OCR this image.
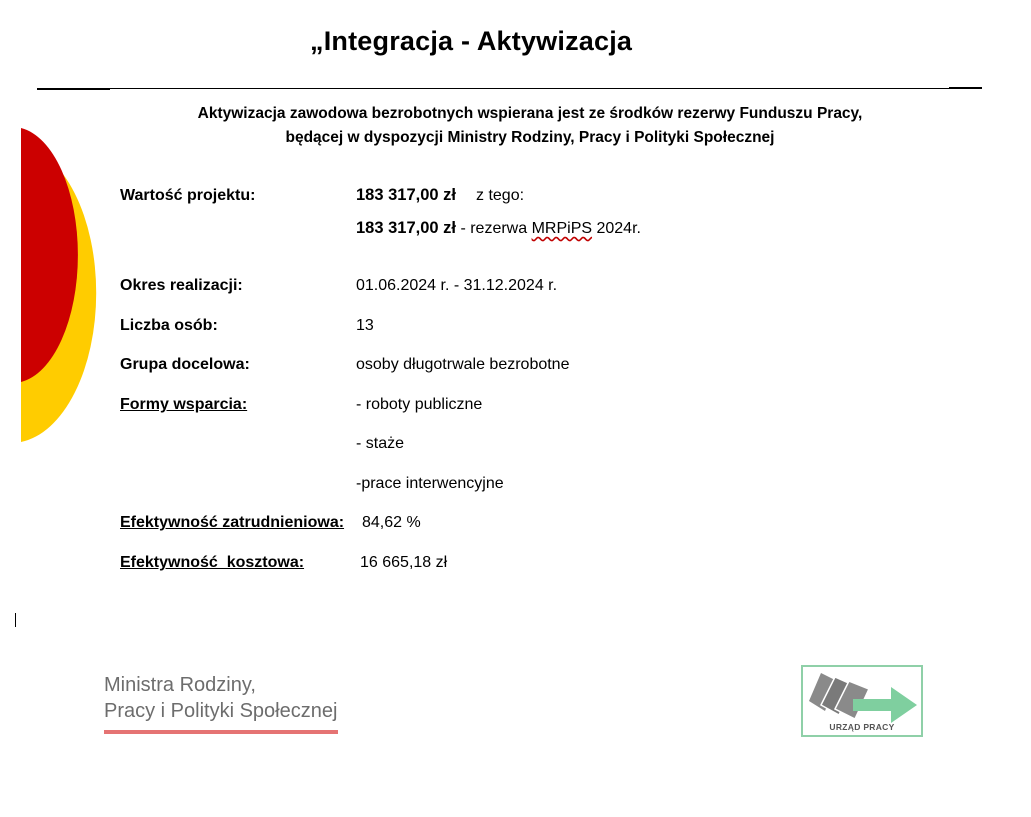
„Integracja - Aktywizacja
Aktywizacja zawodowa bezrobotnych wspierana jest ze środków rezerwy Funduszu Pracy,
będącej w dyspozycji Ministry Rodziny, Pracy i Polityki Społecznej
Wartość projektu:	183 317,00 zł z tego:
183 317,00 zł - rezerwa MRPiPS 2024r.
Okres realizacji:	01.06.2024 r. - 31.12.2024 r.
Liczba osób:	13
Grupa docelowa:	osoby długotrwale bezrobotne
Formy wsparcia:	- roboty publiczne
- staże
-prace interwencyjne
Efektywność zatrudnieniowa: 84,62 %
Efektywność  kosztowa:	16 665,18 zł
Ministra Rodziny,
Pracy i Polityki Społecznej
URZĄD PRACY
